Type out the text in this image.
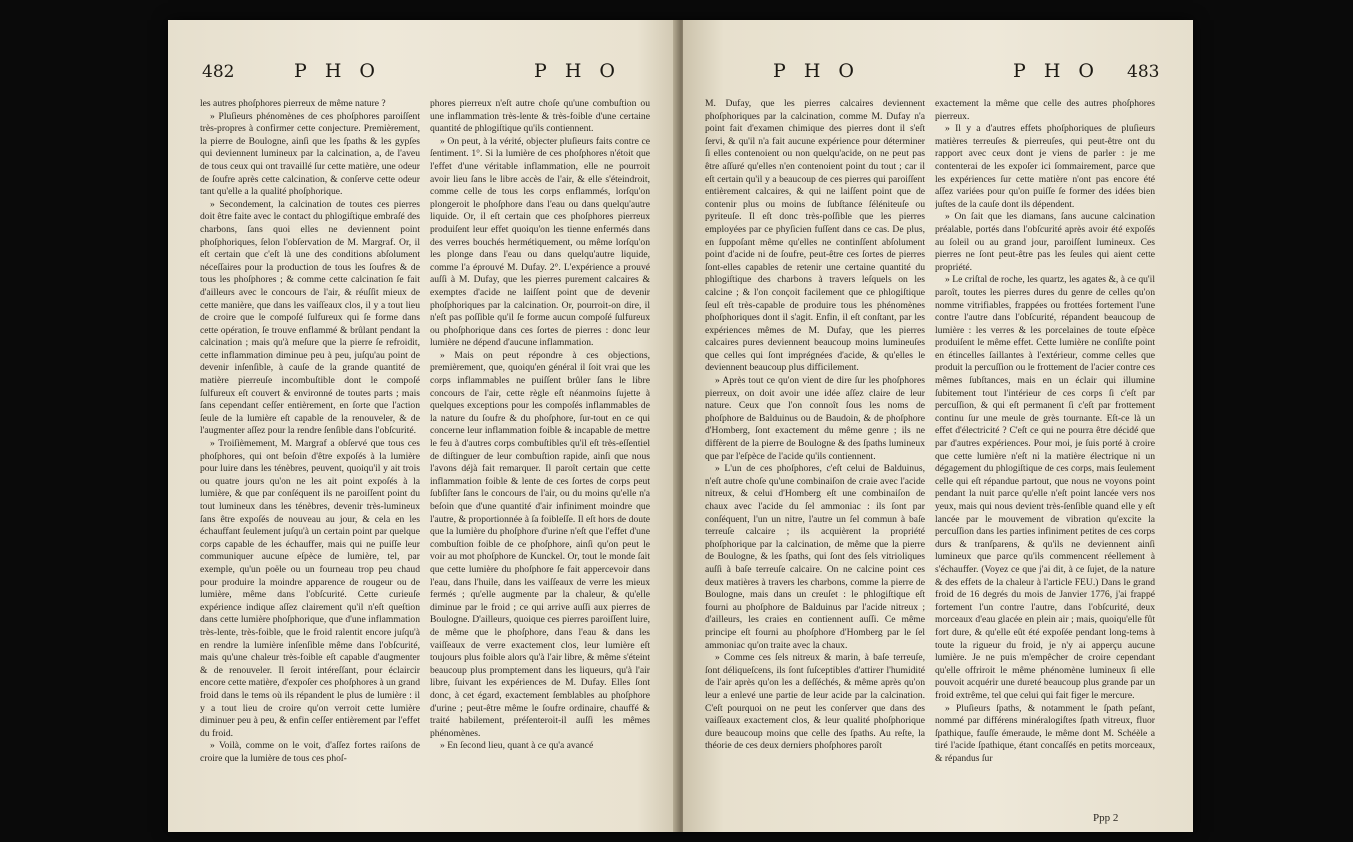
482	P H O	P H O

les autres phoſphores pierreux de même nature ?

» Pluſieurs phénomènes de ces phoſphores paroiſſent très-propres à confirmer cette conjecture. Premièrement, la pierre de Boulogne, ainſi que les ſpaths & les gypſes qui deviennent lumineux par la calcination, a, de l'aveu de tous ceux qui ont travaillé ſur cette matière, une odeur de ſoufre après cette calcination, & conſerve cette odeur tant qu'elle a la qualité phoſphorique.

» Secondement, la calcination de toutes ces pierres doit être faite avec le contact du phlogiſtique embraſé des charbons, ſans quoi elles ne deviennent point phoſphoriques, ſelon l'obſervation de M. Margraf. Or, il eſt certain que c'eſt là une des conditions abſolument néceſſaires pour la production de tous les ſoufres & de tous les phoſphores ; & comme cette calcination ſe fait d'ailleurs avec le concours de l'air, & réuſſit mieux de cette manière, que dans les vaiſſeaux clos, il y a tout lieu de croire que le compoſé ſulfureux qui ſe forme dans cette opération, ſe trouve enflammé & brûlant pendant la calcination ; mais qu'à meſure que la pierre ſe refroidit, cette inflammation diminue peu à peu, juſqu'au point de devenir inſenſible, à cauſe de la grande quantité de matière pierreuſe incombuſtible dont le compoſé ſulfureux eſt couvert & environné de toutes parts ; mais ſans cependant ceſſer entièrement, en ſorte que l'action ſeule de la lumière eſt capable de la renouveler, & de l'augmenter aſſez pour la rendre ſenſible dans l'obſcurité.

» Troiſièmement, M. Margraf a obſervé que tous ces phoſphores, qui ont beſoin d'être expoſés à la lumière pour luire dans les ténèbres, peuvent, quoiqu'il y ait trois ou quatre jours qu'on ne les ait point expoſés à la lumière, & que par conſéquent ils ne paroiſſent point du tout lumineux dans les ténèbres, devenir très-lumineux ſans être expoſés de nouveau au jour, & cela en les échauffant ſeulement juſqu'à un certain point par quelque corps capable de les échauffer, mais qui ne puiſſe leur communiquer aucune eſpèce de lumière, tel, par exemple, qu'un poële ou un fourneau trop peu chaud pour produire la moindre apparence de rougeur ou de lumière, même dans l'obſcurité. Cette curieuſe expérience indique aſſez clairement qu'il n'eſt queſtion dans cette lumière phoſphorique, que d'une inflammation très-lente, très-foible, que le froid ralentit encore juſqu'à en rendre la lumière inſenſible même dans l'obſcurité, mais qu'une chaleur très-foible eſt capable d'augmenter & de renouveler. Il ſeroit intéreſſant, pour éclaircir encore cette matière, d'expoſer ces phoſphores à un grand froid dans le tems où ils répandent le plus de lumière : il y a tout lieu de croire qu'on verroit cette lumière diminuer peu à peu, & enfin ceſſer entièrement par l'effet du froid.

» Voilà, comme on le voit, d'aſſez fortes raiſons de croire que la lumière de tous ces phoſ-

phores pierreux n'eſt autre choſe qu'une combuſtion ou une inflammation très-lente & très-foible d'une certaine quantité de phlogiſtique qu'ils contiennent.

» On peut, à la vérité, objecter pluſieurs faits contre ce ſentiment. 1°. Si la lumière de ces phoſphores n'étoit que l'effet d'une véritable inflammation, elle ne pourroit avoir lieu ſans le libre accès de l'air, & elle s'éteindroit, comme celle de tous les corps enflammés, lorſqu'on plongeroit le phoſphore dans l'eau ou dans quelqu'autre liquide. Or, il eſt certain que ces phoſphores pierreux produiſent leur effet quoiqu'on les tienne enfermés dans des verres bouchés hermétiquement, ou même lorſqu'on les plonge dans l'eau ou dans quelqu'autre liquide, comme l'a éprouvé M. Dufay. 2°. L'expérience a prouvé auſſi à M. Dufay, que les pierres purement calcaires & exemptes d'acide ne laiſſent point que de devenir phoſphoriques par la calcination. Or, pourroit-on dire, il n'eſt pas poſſible qu'il ſe forme aucun compoſé ſulfureux ou phoſphorique dans ces ſortes de pierres : donc leur lumière ne dépend d'aucune inflammation.

» Mais on peut répondre à ces objections, premièrement, que, quoiqu'en général il ſoit vrai que les corps inflammables ne puiſſent brûler ſans le libre concours de l'air, cette règle eſt néanmoins ſujette à quelques exceptions pour les compoſés inflammables de la nature du ſoufre & du phoſphore, ſur-tout en ce qui concerne leur inflammation foible & incapable de mettre le feu à d'autres corps combuſtibles qu'il eſt très-eſſentiel de diſtinguer de leur combuſtion rapide, ainſi que nous l'avons déjà fait remarquer. Il paroît certain que cette inflammation foible & lente de ces ſortes de corps peut ſubſiſter ſans le concours de l'air, ou du moins qu'elle n'a beſoin que d'une quantité d'air infiniment moindre que l'autre, & proportionnée à ſa foibleſſe. Il eſt hors de doute que la lumière du phoſphore d'urine n'eſt que l'effet d'une combuſtion foible de ce phoſphore, ainſi qu'on peut le voir au mot phoſphore de Kunckel. Or, tout le monde ſait que cette lumière du phoſphore ſe fait appercevoir dans l'eau, dans l'huile, dans les vaiſſeaux de verre les mieux fermés ; qu'elle augmente par la chaleur, & qu'elle diminue par le froid ; ce qui arrive auſſi aux pierres de Boulogne. D'ailleurs, quoique ces pierres paroiſſent luire, de même que le phoſphore, dans l'eau & dans les vaiſſeaux de verre exactement clos, leur lumière eſt toujours plus foible alors qu'à l'air libre, & même s'éteint beaucoup plus promptement dans les liqueurs, qu'à l'air libre, ſuivant les expériences de M. Dufay. Elles ſont donc, à cet égard, exactement ſemblables au phoſphore d'urine ; peut-être même le ſoufre ordinaire, chauffé & traité habilement, préſenteroit-il auſſi les mêmes phénomènes.

» En ſecond lieu, quant à ce qu'a avancé

P H O	P H O 483

M. Dufay, que les pierres calcaires deviennent phoſphoriques par la calcination, comme M. Dufay n'a point fait d'examen chimique des pierres dont il s'eſt ſervi, & qu'il n'a fait aucune expérience pour déterminer ſi elles contenoient ou non quelqu'acide, on ne peut pas être aſſuré qu'elles n'en contenoient point du tout ; car il eſt certain qu'il y a beaucoup de ces pierres qui paroiſſent entièrement calcaires, & qui ne laiſſent point que de contenir plus ou moins de ſubſtance ſéléniteuſe ou pyriteuſe. Il eſt donc très-poſſible que les pierres employées par ce phyſicien fuſſent dans ce cas. De plus, en ſuppoſant même qu'elles ne continſſent abſolument point d'acide ni de ſoufre, peut-être ces ſortes de pierres ſont-elles capables de retenir une certaine quantité du phlogiſtique des charbons à travers leſquels on les calcine ; & l'on conçoit facilement que ce phlogiſtique ſeul eſt très-capable de produire tous les phénomènes phoſphoriques dont il s'agit. Enfin, il eſt conſtant, par les expériences mêmes de M. Dufay, que les pierres calcaires pures deviennent beaucoup moins lumineuſes que celles qui ſont imprégnées d'acide, & qu'elles le deviennent beaucoup plus difficilement.

» Après tout ce qu'on vient de dire ſur les phoſphores pierreux, on doit avoir une idée aſſez claire de leur nature. Ceux que l'on connoît ſous les noms de phoſphore de Balduinus ou de Baudoin, & de phoſphore d'Homberg, ſont exactement du même genre ; ils ne diffèrent de la pierre de Boulogne & des ſpaths lumineux que par l'eſpèce de l'acide qu'ils contiennent.

» L'un de ces phoſphores, c'eſt celui de Balduinus, n'eſt autre choſe qu'une combinaiſon de craie avec l'acide nitreux, & celui d'Homberg eſt une combinaiſon de chaux avec l'acide du ſel ammoniac : ils ſont par conſéquent, l'un un nitre, l'autre un ſel commun à baſe terreuſe calcaire ; ils acquièrent la propriété phoſphorique par la calcination, de même que la pierre de Boulogne, & les ſpaths, qui ſont des ſels vitrioliques auſſi à baſe terreuſe calcaire. On ne calcine point ces deux matières à travers les charbons, comme la pierre de Boulogne, mais dans un creuſet : le phlogiſtique eſt fourni au phoſphore de Balduinus par l'acide nitreux ; d'ailleurs, les craies en contiennent auſſi. Ce même principe eſt fourni au phoſphore d'Homberg par le ſel ammoniac qu'on traite avec la chaux.

» Comme ces ſels nitreux & marin, à baſe terreuſe, ſont déliqueſcens, ils ſont ſuſceptibles d'attirer l'humidité de l'air après qu'on les a deſſéchés, & même après qu'on leur a enlevé une partie de leur acide par la calcination. C'eſt pourquoi on ne peut les conſerver que dans des vaiſſeaux exactement clos, & leur qualité phoſphorique dure beaucoup moins que celle des ſpaths. Au reſte, la théorie de ces deux derniers phoſphores paroît

exactement la même que celle des autres phoſphores pierreux.

» Il y a d'autres effets phoſphoriques de pluſieurs matières terreuſes & pierreuſes, qui peut-être ont du rapport avec ceux dont je viens de parler : je me contenterai de les expoſer ici ſommairement, parce que les expériences ſur cette matière n'ont pas encore été aſſez variées pour qu'on puiſſe ſe former des idées bien juſtes de la cauſe dont ils dépendent.

» On ſait que les diamans, ſans aucune calcination préalable, portés dans l'obſcurité après avoir été expoſés au ſoleil ou au grand jour, paroiſſent lumineux. Ces pierres ne ſont peut-être pas les ſeules qui aient cette propriété.

» Le criſtal de roche, les quartz, les agates &, à ce qu'il paroît, toutes les pierres dures du genre de celles qu'on nomme vitrifiables, frappées ou frottées fortement l'une contre l'autre dans l'obſcurité, répandent beaucoup de lumière : les verres & les porcelaines de toute eſpèce produiſent le même effet. Cette lumière ne conſiſte point en étincelles ſaillantes à l'extérieur, comme celles que produit la percuſſion ou le frottement de l'acier contre ces mêmes ſubſtances, mais en un éclair qui illumine ſubitement tout l'intérieur de ces corps ſi c'eſt par percuſſion, & qui eſt permanent ſi c'eſt par frottement continu ſur une meule de grès tournante. Eſt-ce là un effet d'électricité ? C'eſt ce qui ne pourra être décidé que par d'autres expériences. Pour moi, je ſuis porté à croire que cette lumière n'eſt ni la matière électrique ni un dégagement du phlogiſtique de ces corps, mais ſeulement celle qui eſt répandue partout, que nous ne voyons point pendant la nuit parce qu'elle n'eſt point lancée vers nos yeux, mais qui nous devient très-ſenſible quand elle y eſt lancée par le mouvement de vibration qu'excite la percuſſion dans les parties infiniment petites de ces corps durs & tranſparens, & qu'ils ne deviennent ainſi lumineux que parce qu'ils commencent réellement à s'échauffer. (Voyez ce que j'ai dit, à ce ſujet, de la nature & des effets de la chaleur à l'article FEU.) Dans le grand froid de 16 degrés du mois de Janvier 1776, j'ai frappé fortement l'un contre l'autre, dans l'obſcurité, deux morceaux d'eau glacée en plein air ; mais, quoiqu'elle fût fort dure, & qu'elle eût été expoſée pendant long-tems à toute la rigueur du froid, je n'y ai apperçu aucune lumière. Je ne puis m'empêcher de croire cependant qu'elle offriroit le même phénomène lumineux ſi elle pouvoit acquérir une dureté beaucoup plus grande par un froid extrême, tel que celui qui fait figer le mercure.

» Pluſieurs ſpaths, & notamment le ſpath peſant, nommé par différens minéralogiſtes ſpath vitreux, fluor ſpathique, fauſſe émeraude, le même dont M. Schéèle a tiré l'acide ſpathique, étant concaſſés en petits morceaux, & répandus ſur

Ppp 2
